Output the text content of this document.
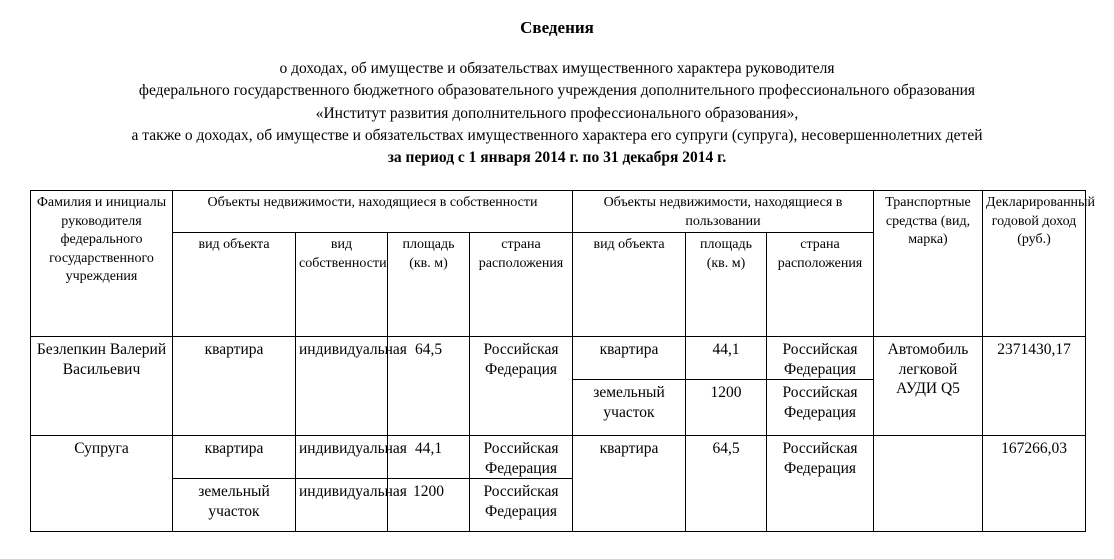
Сведения
о доходах, об имуществе и обязательствах имущественного характера руководителя
федерального государственного бюджетного образовательного учреждения дополнительного профессионального образования
«Институт развития дополнительного профессионального образования»,
а также о доходах, об имуществе и обязательствах имущественного характера его супруги (супруга), несовершеннолетних детей
за период с 1 января 2014 г. по 31 декабря 2014 г.
Фамилия и инициалы руководителя федерального государственного учреждения	Объекты недвижимости, находящиеся в собственности				Объекты недвижимости, находящиеся в пользовании			Транспортные средства (вид, марка)	Декларированный годовой доход (руб.)
	вид объекта	вид собственности	площадь (кв. м)	страна расположения	вид объекта	площадь (кв. м)	страна расположения		
Безлепкин Валерий Васильевич	квартира	индивидуальная	64,5	Российская Федерация	квартира	44,1	Российская Федерация	Автомобиль легковой АУДИ Q5	2371430,17
					земельный участок	1200	Российская Федерация		
Супруга	квартира	индивидуальная	44,1	Российская Федерация	квартира	64,5	Российская Федерация		167266,03
	земельный участок	индивидуальная	1200	Российская Федерация					
